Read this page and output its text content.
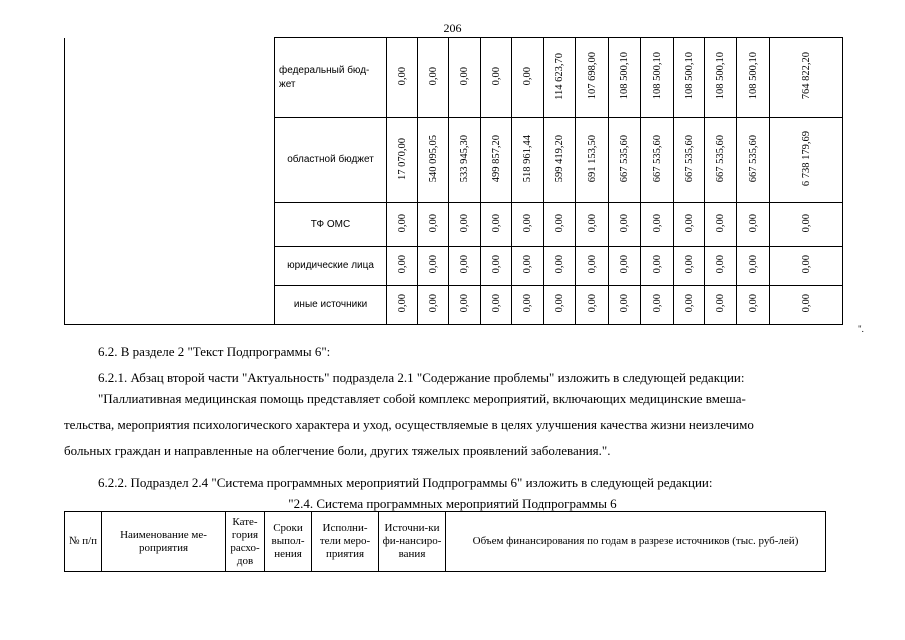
206
	федеральный бюд-жет	0,00	0,00	0,00	0,00	0,00	114 623,70	107 698,00	108 500,10	108 500,10	108 500,10	108 500,10	108 500,10	764 822,20
	областной бюджет	17 070,00	540 095,05	533 945,30	499 857,20	518 961,44	599 419,20	691 153,50	667 535,60	667 535,60	667 535,60	667 535,60	667 535,60	6 738 179,69
	ТФ ОМС	0,00	0,00	0,00	0,00	0,00	0,00	0,00	0,00	0,00	0,00	0,00	0,00	0,00
	юридические лица	0,00	0,00	0,00	0,00	0,00	0,00	0,00	0,00	0,00	0,00	0,00	0,00	0,00
	иные источники	0,00	0,00	0,00	0,00	0,00	0,00	0,00	0,00	0,00	0,00	0,00	0,00	0,00
".
6.2. В разделе 2 "Текст Подпрограммы 6":
6.2.1. Абзац второй части "Актуальность" подраздела 2.1 "Содержание проблемы" изложить в следующей редакции:
"Паллиативная медицинская помощь представляет собой комплекс мероприятий, включающих медицинские вмеша-
тельства, мероприятия психологического характера и уход, осуществляемые в целях улучшения качества жизни неизлечимо
больных граждан и направленные на облегчение боли, других тяжелых проявлений заболевания.".
6.2.2. Подраздел 2.4 "Система программных мероприятий Подпрограммы 6" изложить в следующей редакции:
"2.4. Система программных мероприятий Подпрограммы 6
№ п/п	Наименование ме-роприятия	Кате-гория расхо-дов	Сроки выпол-нения	Исполни-тели меро-приятия	Источни-ки фи-нансиро-вания	Объем финансирования по годам в разрезе источников (тыс. руб-лей)
